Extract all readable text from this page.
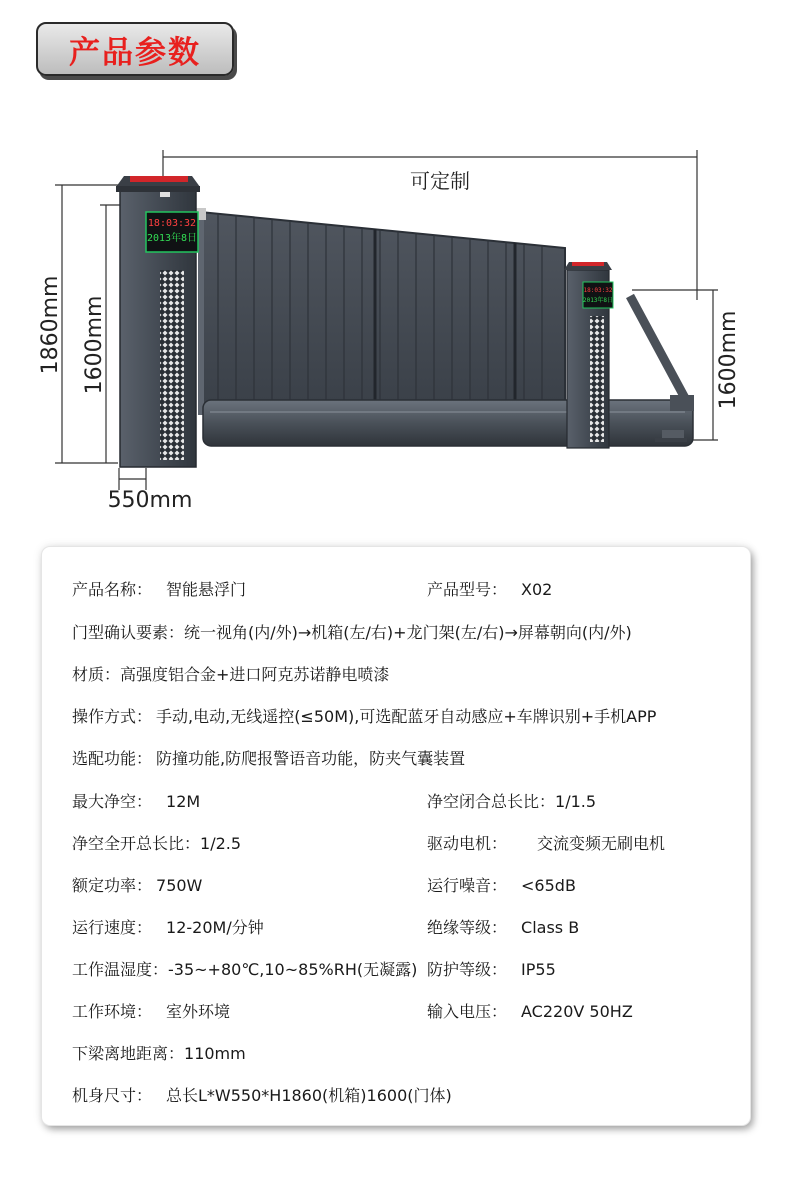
产品参数
可定制
1860mm 1600mm	1600mm
550mm
18:03:32
2013年8日
18:03:32
2013年8日
产品名称： 智能悬浮门	产品型号： X02
门型确认要素：统一视角(内/外)→机箱(左/右)+龙门架(左/右)→屏幕朝向(内/外)
材质：高强度铝合金+进口阿克苏诺静电喷漆
操作方式： 手动,电动,无线遥控(≤50M),可选配蓝牙自动感应+车牌识别+手机APP
选配功能： 防撞功能,防爬报警语音功能，防夹气囊装置
最大净空： 12M	净空闭合总长比：1/1.5
净空全开总长比：1/2.5	驱动电机： 交流变频无刷电机
额定功率： 750W	运行噪音： <65dB
运行速度： 12-20M/分钟	绝缘等级： Class B
工作温湿度：-35~+80℃,10~85%RH(无凝露) 防护等级： IP55
工作环境： 室外环境	输入电压： AC220V 50HZ
下梁离地距离：110mm
机身尺寸： 总长L*W550*H1860(机箱)1600(门体)
